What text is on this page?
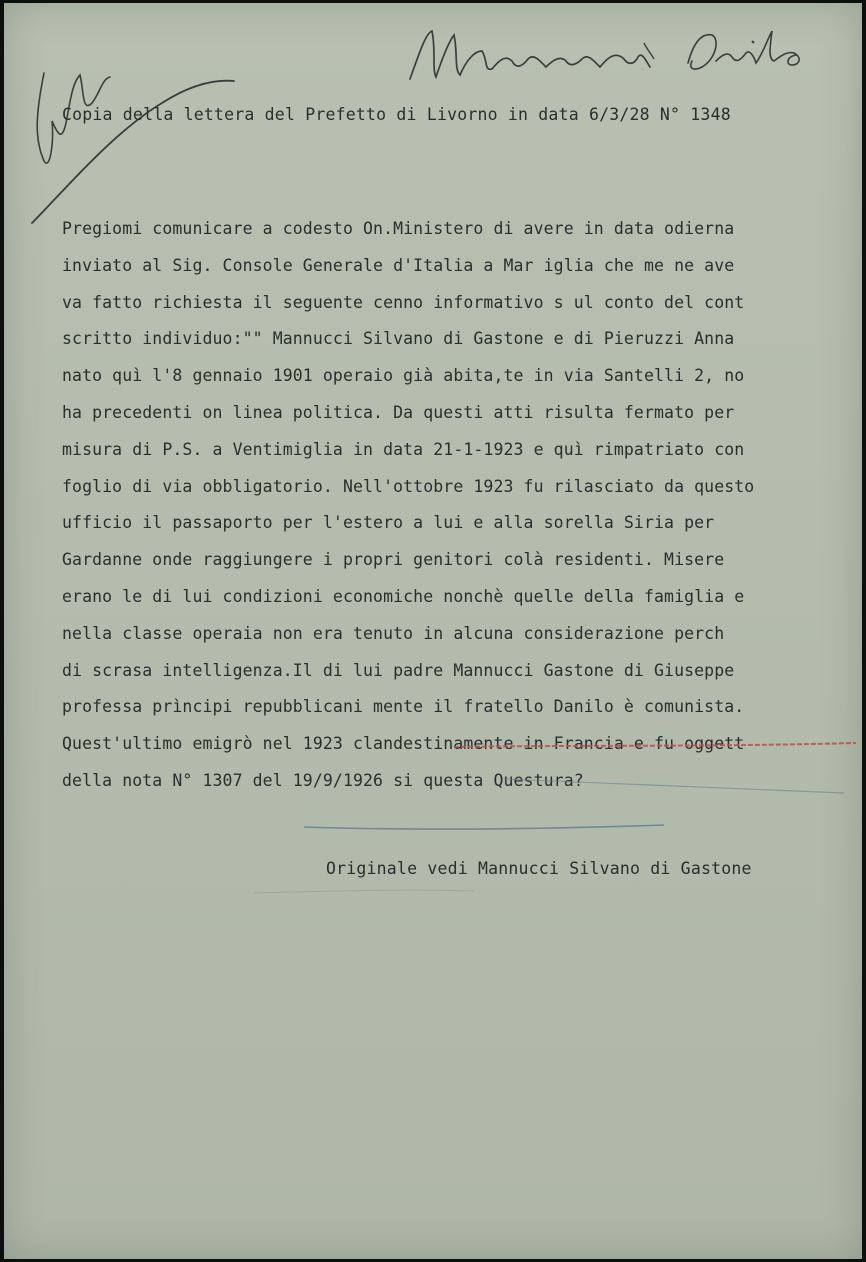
Copia della lettera del Prefetto di Livorno in data 6/3/28 N° 1348
Pregiomi comunicare a codesto On.Ministero di avere in data odierna
inviato al Sig. Console Generale d'Italia a Mar iglia che me ne ave
va fatto richiesta il seguente cenno informativo s ul conto del cont
scritto individuo:"" Mannucci Silvano di Gastone e di Pieruzzi Anna
nato quì l'8 gennaio 1901 operaio già abita,te in via Santelli 2, no
ha precedenti on linea politica. Da questi atti risulta fermato per
misura di P.S. a Ventimiglia in data 21-1-1923 e quì rimpatriato con
foglio di via obbligatorio. Nell'ottobre 1923 fu rilasciato da questo
ufficio il passaporto per l'estero a lui e alla sorella Siria per
Gardanne onde raggiungere i propri genitori colà residenti. Misere
erano le di lui condizioni economiche nonchè quelle della famiglia e
nella classe operaia non era tenuto in alcuna considerazione perch
di scrasa intelligenza.Il di lui padre Mannucci Gastone di Giuseppe
professa prìncipi repubblicani mente il fratello Danilo è comunista.
Quest'ultimo emigrò nel 1923 clandestinamente in Francia e fu oggett
della nota N° 1307 del 19/9/1926 si questa Questura?
Originale vedi Mannucci Silvano di Gastone
